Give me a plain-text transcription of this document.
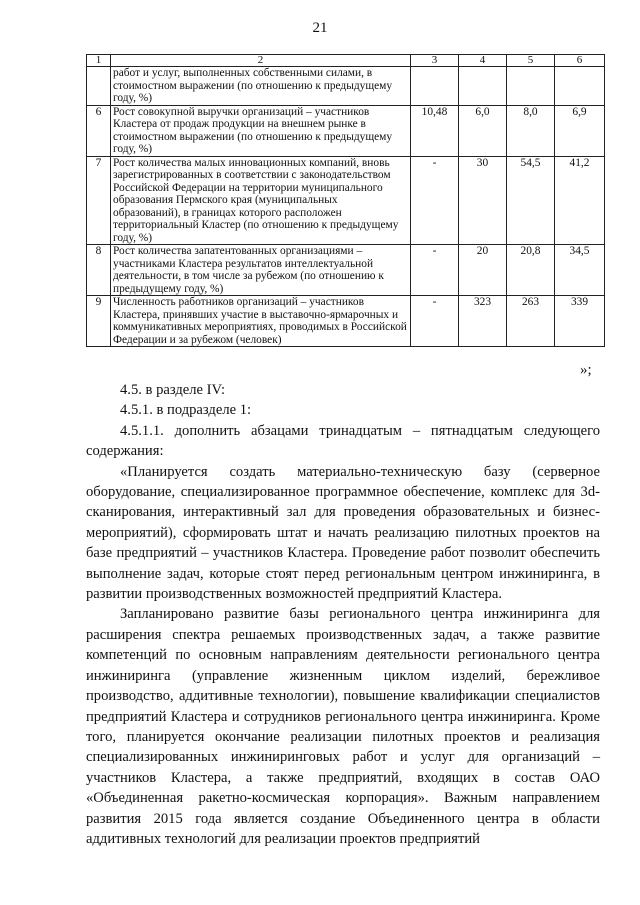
21
1	2	3	4	5	6
	работ и услуг, выполненных собственными силами, в стоимостном выражении (по отношению к предыдущему году, %)				
6	Рост совокупной выручки организаций – участников Кластера от продаж продукции на внешнем рынке в стоимостном выражении (по отношению к предыдущему году, %)	10,48	6,0	8,0	6,9
7	Рост количества малых инновационных компаний, вновь зарегистрированных в соответствии с законодательством Российской Федерации на территории муниципального образования Пермского края (муниципальных образований), в границах которого расположен территориальный Кластер (по отношению к предыдущему году, %)	-	30	54,5	41,2
8	Рост количества запатентованных организациями – участниками Кластера результатов интеллектуальной деятельности, в том числе за рубежом (по отношению к предыдущему году, %)	-	20	20,8	34,5
9	Численность работников организаций – участников Кластера, принявших участие в выставочно-ярмарочных и коммуникативных мероприятиях, проводимых в Российской Федерации и за рубежом (человек)	-	323	263	339
»;

4.5. в разделе IV:

4.5.1. в подразделе 1:

4.5.1.1. дополнить абзацами тринадцатым – пятнадцатым следующего содержания:

«Планируется создать материально-техническую базу (серверное оборудование, специализированное программное обеспечение, комплекс для 3d-сканирования, интерактивный зал для проведения образовательных и бизнес-мероприятий), сформировать штат и начать реализацию пилотных проектов на базе предприятий – участников Кластера. Проведение работ позволит обеспечить выполнение задач, которые стоят перед региональным центром инжиниринга, в развитии производственных возможностей предприятий Кластера.

Запланировано развитие базы регионального центра инжиниринга для расширения спектра решаемых производственных задач, а также развитие компетенций по основным направлениям деятельности регионального центра инжиниринга (управление жизненным циклом изделий, бережливое производство, аддитивные технологии), повышение квалификации специалистов предприятий Кластера и сотрудников регионального центра инжиниринга. Кроме того, планируется окончание реализации пилотных проектов и реализация специализированных инжиниринговых работ и услуг для организаций – участников Кластера, а также предприятий, входящих в состав ОАО «Объединенная ракетно-космическая корпорация». Важным направлением развития 2015 года является создание Объединенного центра в области аддитивных технологий для реализации проектов предприятий
